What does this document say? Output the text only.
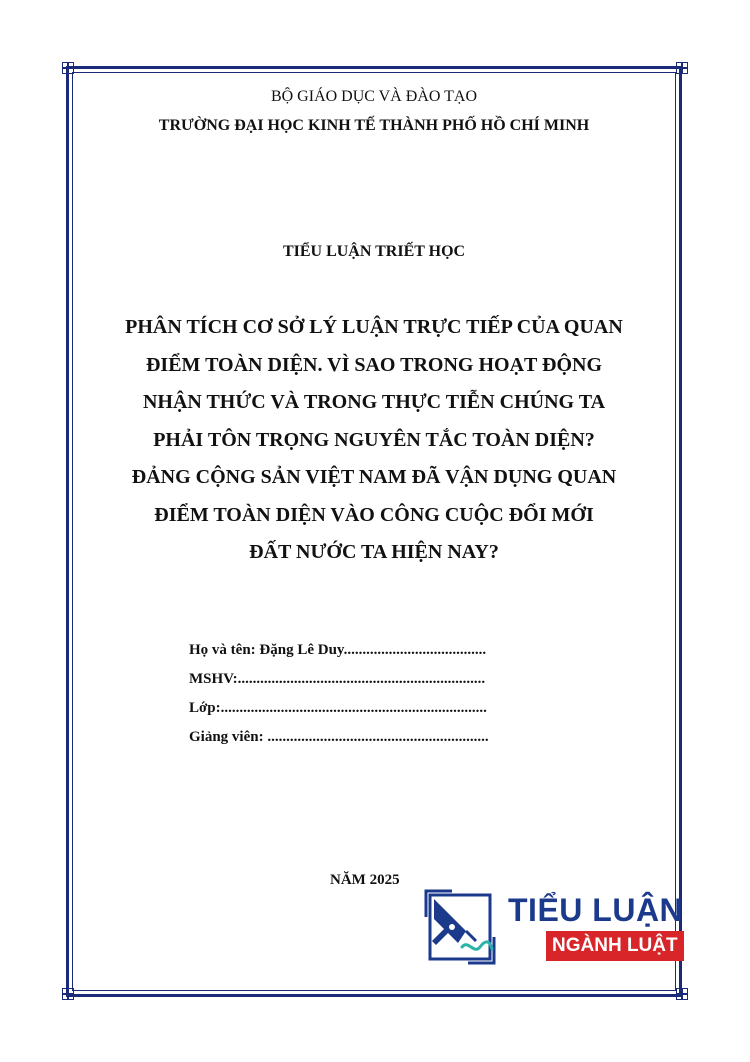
BỘ GIÁO DỤC VÀ ĐÀO TẠO

TRƯỜNG ĐẠI HỌC KINH TẾ THÀNH PHỐ HỒ CHÍ MINH

TIỂU LUẬN TRIẾT HỌC

PHÂN TÍCH CƠ SỞ LÝ LUẬN TRỰC TIẾP CỦA QUAN
ĐIỂM TOÀN DIỆN. VÌ SAO TRONG HOẠT ĐỘNG
NHẬN THỨC VÀ TRONG THỰC TIỄN CHÚNG TA
PHẢI TÔN TRỌNG NGUYÊN TẮC TOÀN DIỆN?
ĐẢNG CỘNG SẢN VIỆT NAM ĐÃ VẬN DỤNG QUAN
ĐIỂM TOÀN DIỆN VÀO CÔNG CUỘC ĐỔI MỚI
ĐẤT NƯỚC TA HIỆN NAY?
Họ và tên: Đặng Lê Duy......................................
MSHV:..................................................................
Lớp:.......................................................................
Giảng viên: ...........................................................

NĂM 2025

TIỂU LUẬN
NGÀNH LUẬT
